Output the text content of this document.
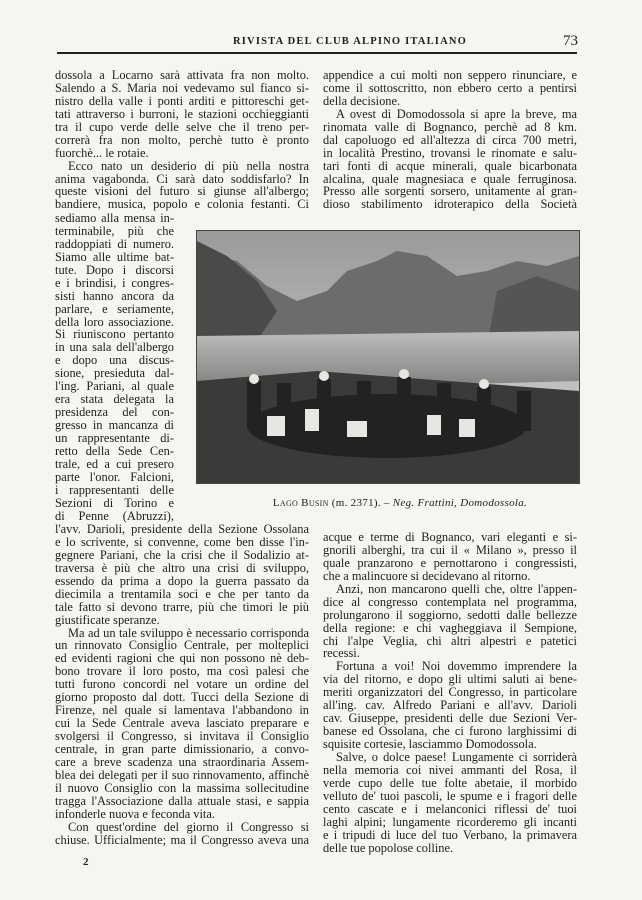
RIVISTA DEL CLUB ALPINO ITALIANO	73
dossola a Locarno sarà attivata fra non molto.
Salendo a S. Maria noi vedevamo sul fianco si-
nistro della valle i ponti arditi e pittoreschi get-
tati attraverso i burroni, le stazioni occhieggianti
tra il cupo verde delle selve che il treno per-
correrà fra non molto, perchè tutto è pronto
fuorchè... le rotaie.
Ecco nato un desiderio di più nella nostra
anima vagabonda. Ci sarà dato soddisfarlo? In
queste visioni del futuro si giunse all'albergo;
bandiere, musica, popolo e colonia festanti. Ci
sediamo alla mensa in-
terminabile, più che
raddoppiati di numero.
Siamo alle ultime bat-
tute. Dopo i discorsi
e i brindisi, i congres-
sisti hanno ancora da
parlare, e seriamente,
della loro associazione.
Si riuniscono pertanto
in una sala dell'albergo
e dopo una discus-
sione, presieduta dal-
l'ing. Pariani, al quale
era stata delegata la
presidenza del con-
gresso in mancanza di
un rappresentante di-
retto della Sede Cen-
trale, ed a cui presero
parte l'onor. Falcioni,
i rappresentanti delle
Sezioni di Torino e
di Penne (Abruzzi),
l'avv. Darioli, presidente della Sezione Ossolana
e lo scrivente, si convenne, come ben disse l'in-
gegnere Pariani, che la crisi che il Sodalizio at-
traversa è più che altro una crisi di sviluppo,
essendo da prima a dopo la guerra passato da
diecimila a trentamila soci e che per tanto da
tale fatto si devono trarre, più che timori le più
giustificate speranze.
Ma ad un tale sviluppo è necessario corrisponda
un rinnovato Consiglio Centrale, per molteplici
ed evidenti ragioni che qui non possono nè deb-
bono trovare il loro posto, ma così palesi che
tutti furono concordi nel votare un ordine del
giorno proposto dal dott. Tucci della Sezione di
Firenze, nel quale si lamentava l'abbandono in
cui la Sede Centrale aveva lasciato preparare e
svolgersi il Congresso, si invitava il Consiglio
centrale, in gran parte dimissionario, a convo-
care a breve scadenza una straordinaria Assem-
blea dei delegati per il suo rinnovamento, affinchè
il nuovo Consiglio con la massima sollecitudine
tragga l'Associazione dalla attuale stasi, e sappia
infonderle nuova e feconda vita.
Con quest'ordine del giorno il Congresso si
chiuse. Ufficialmente; ma il Congresso aveva una
appendice a cui molti non seppero rinunciare, e
come il sottoscritto, non ebbero certo a pentirsi
della decisione.
A ovest di Domodossola si apre la breve, ma
rinomata valle di Bognanco, perchè ad 8 km.
dal capoluogo ed all'altezza di circa 700 metri,
in località Prestino, trovansi le rinomate e salu-
tari fonti di acque minerali, quale bicarbonata
alcalina, quale magnesiaca e quale ferruginosa.
Presso alle sorgenti sorsero, unitamente al gran-
dioso stabilimento idroterapico della Società
acque e terme di Bognanco, vari eleganti e si-
gnorili alberghi, tra cui il « Milano », presso il
quale pranzarono e pernottarono i congressisti,
che a malincuore si decidevano al ritorno.
Anzi, non mancarono quelli che, oltre l'appen-
dice al congresso contemplata nel programma,
prolungarono il soggiorno, sedotti dalle bellezze
della regione: e chi vagheggiava il Sempione,
chi l'alpe Veglia, chi altri alpestri e patetici
recessi.
Fortuna a voi! Noi dovemmo imprendere la
via del ritorno, e dopo gli ultimi saluti ai bene-
meriti organizzatori del Congresso, in particolare
all'ing. cav. Alfredo Pariani e all'avv. Darioli
cav. Giuseppe, presidenti delle due Sezioni Ver-
banese ed Ossolana, che ci furono larghissimi di
squisite cortesie, lasciammo Domodossola.
Salve, o dolce paese! Lungamente ci sorriderà
nella memoria coi nivei ammanti del Rosa, il
verde cupo delle tue folte abetaie, il morbido
velluto de' tuoi pascoli, le spume e i fragori delle
cento cascate e i melanconici riflessi de' tuoi
laghi alpini; lungamente ricorderemo gli incanti
e i tripudi di luce del tuo Verbano, la primavera
delle tue popolose colline.
Lago Busin (m. 2371). – Neg. Frattini, Domodossola.
2
